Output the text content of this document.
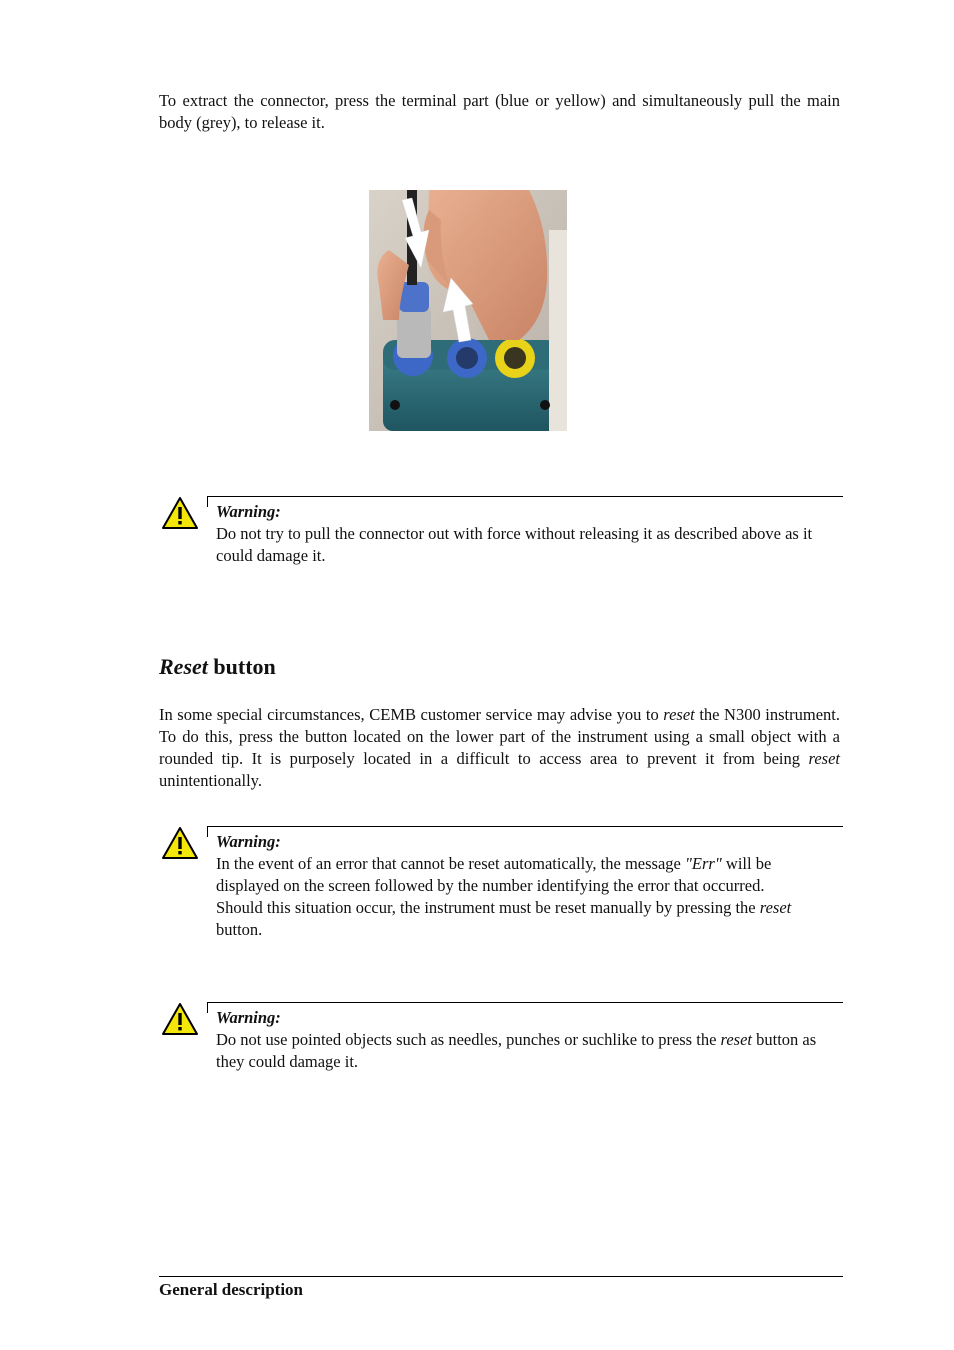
To extract the connector, press the terminal part (blue or yellow) and simultaneously pull the main body (grey), to release it.

Warning:
Do not try to pull the connector out with force without releasing it as described above as it could damage it.
Reset button

In some special circumstances, CEMB customer service may advise you to reset the N300 instrument. To do this, press the button located on the lower part of the instrument using a small object with a rounded tip. It is purposely located in a difficult to access area to prevent it from being reset unintentionally.

Warning:
In the event of an error that cannot be reset automatically, the message "Err" will be displayed on the screen followed by the number identifying the error that occurred.
Should this situation occur, the instrument must be reset manually by pressing the reset button.
Warning:
Do not use pointed objects such as needles, punches or suchlike to press the reset button as they could damage it.
General description
